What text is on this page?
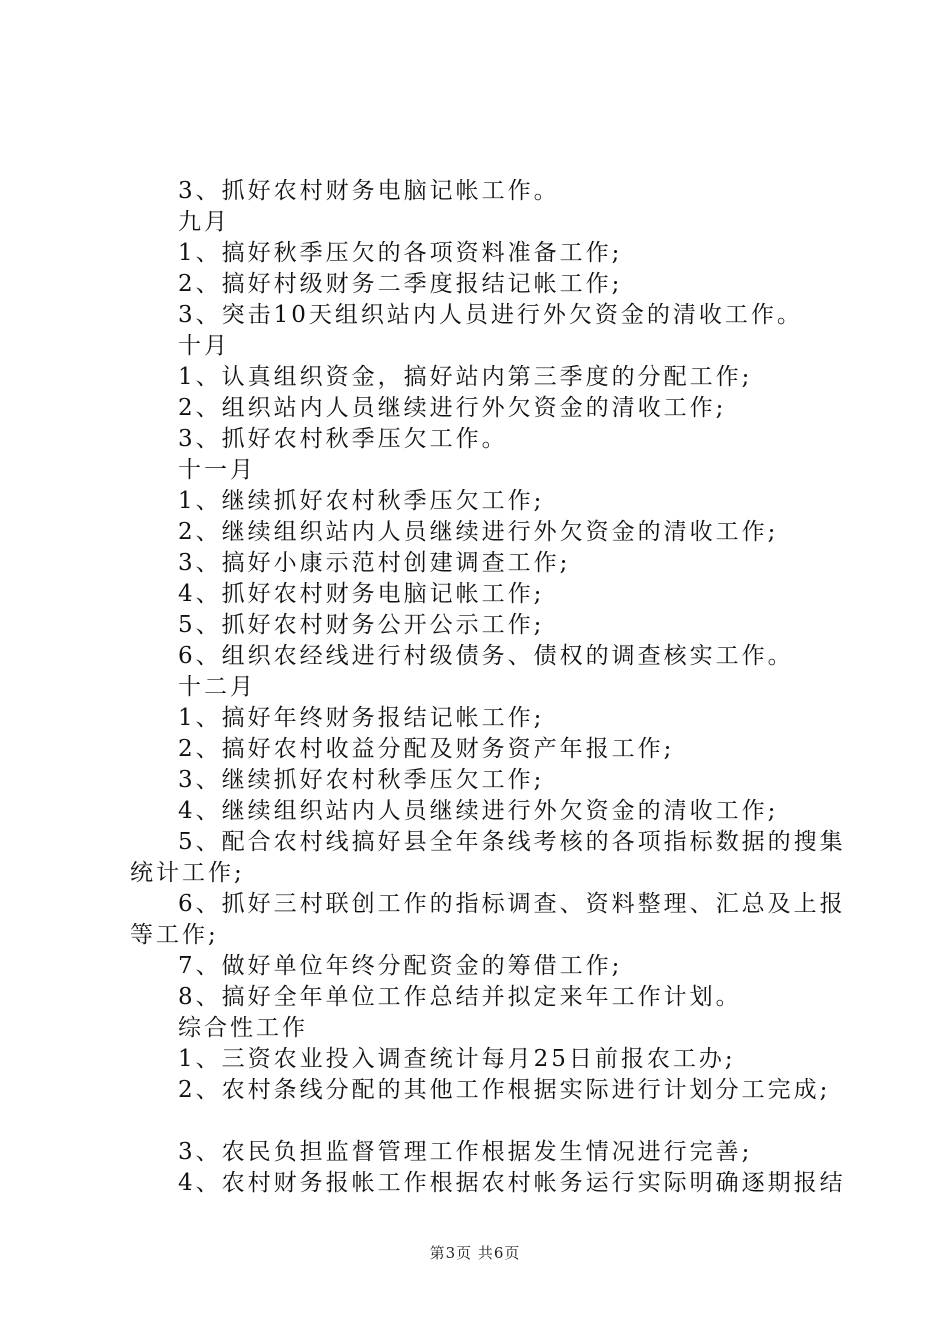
3、抓好农村财务电脑记帐工作。
九月
1、搞好秋季压欠的各项资料准备工作;
2、搞好村级财务二季度报结记帐工作;
3、突击10天组织站内人员进行外欠资金的清收工作。
十月
1、认真组织资金，搞好站内第三季度的分配工作;
2、组织站内人员继续进行外欠资金的清收工作;
3、抓好农村秋季压欠工作。
十一月
1、继续抓好农村秋季压欠工作;
2、继续组织站内人员继续进行外欠资金的清收工作;
3、搞好小康示范村创建调查工作;
4、抓好农村财务电脑记帐工作;
5、抓好农村财务公开公示工作;
6、组织农经线进行村级债务、债权的调查核实工作。
十二月
1、搞好年终财务报结记帐工作;
2、搞好农村收益分配及财务资产年报工作;
3、继续抓好农村秋季压欠工作;
4、继续组织站内人员继续进行外欠资金的清收工作;
5、配合农村线搞好县全年条线考核的各项指标数据的搜集
统计工作;
6、抓好三村联创工作的指标调查、资料整理、汇总及上报
等工作;
7、做好单位年终分配资金的筹借工作;
8、搞好全年单位工作总结并拟定来年工作计划。
综合性工作
1、三资农业投入调查统计每月25日前报农工办;
2、农村条线分配的其他工作根据实际进行计划分工完成;
3、农民负担监督管理工作根据发生情况进行完善;
4、农村财务报帐工作根据农村帐务运行实际明确逐期报结
第3页 共6页
